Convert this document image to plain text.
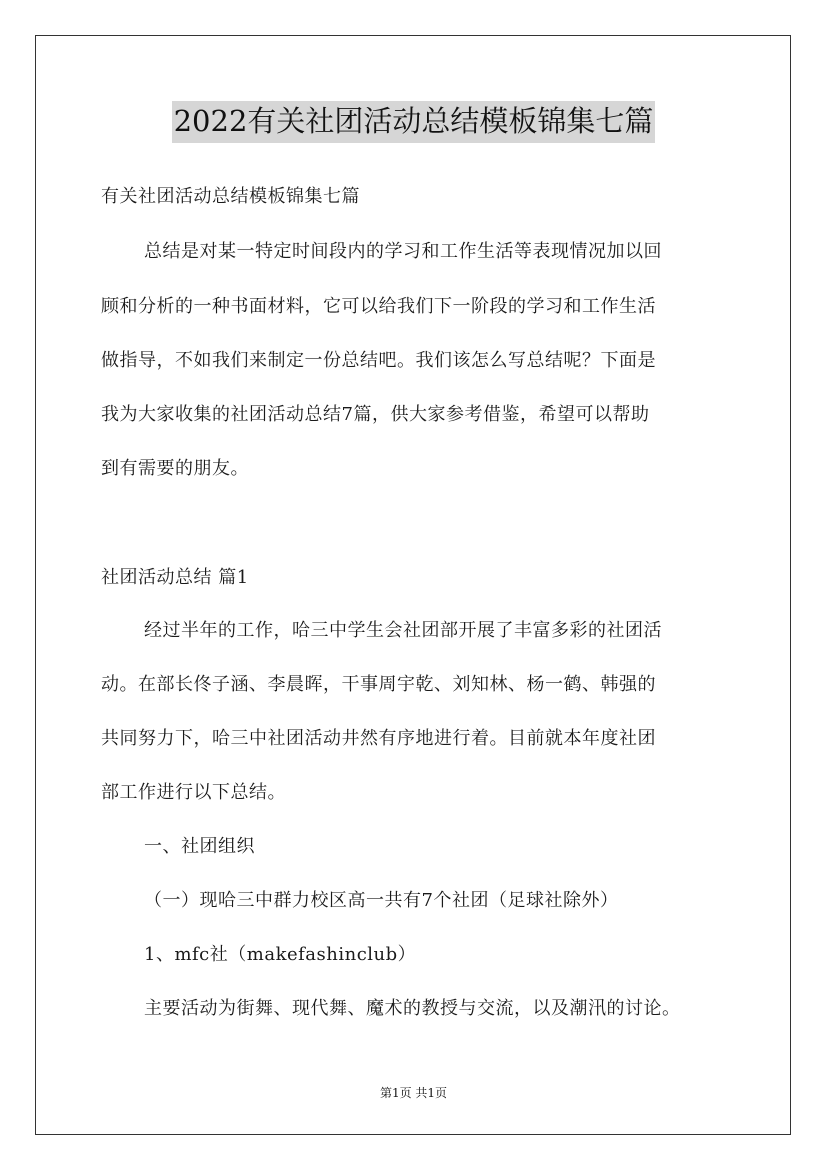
2022有关社团活动总结模板锦集七篇
有关社团活动总结模板锦集七篇
总结是对某一特定时间段内的学习和工作生活等表现情况加以回
顾和分析的一种书面材料，它可以给我们下一阶段的学习和工作生活
做指导，不如我们来制定一份总结吧。我们该怎么写总结呢？下面是
我为大家收集的社团活动总结7篇，供大家参考借鉴，希望可以帮助
到有需要的朋友。
社团活动总结 篇1
经过半年的工作，哈三中学生会社团部开展了丰富多彩的社团活
动。在部长佟子涵、李晨晖，干事周宇乾、刘知林、杨一鹤、韩强的
共同努力下，哈三中社团活动井然有序地进行着。目前就本年度社团
部工作进行以下总结。
一、社团组织
（一）现哈三中群力校区高一共有7个社团（足球社除外）
1、mfc社（makefashinclub）
主要活动为街舞、现代舞、魔术的教授与交流，以及潮汛的讨论。
第1页 共1页
